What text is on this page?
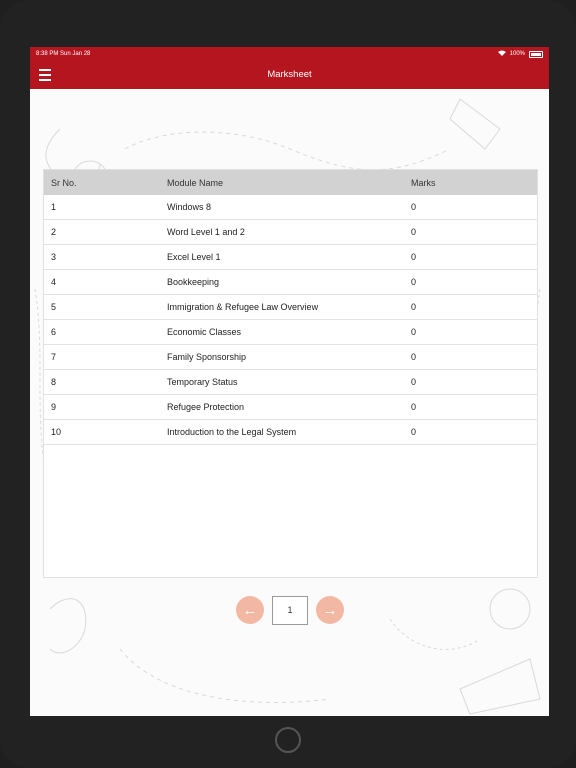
8:38 PM Sun Jan 28	100%
Marksheet
Sr No.	Module Name	Marks
1	Windows 8	0
2	Word Level 1 and 2	0
3	Excel Level 1	0
4	Bookkeeping	0
5	Immigration & Refugee Law Overview	0
6	Economic Classes	0
7	Family Sponsorship	0
8	Temporary Status	0
9	Refugee Protection	0
10	Introduction to the Legal System	0
←	1	→
